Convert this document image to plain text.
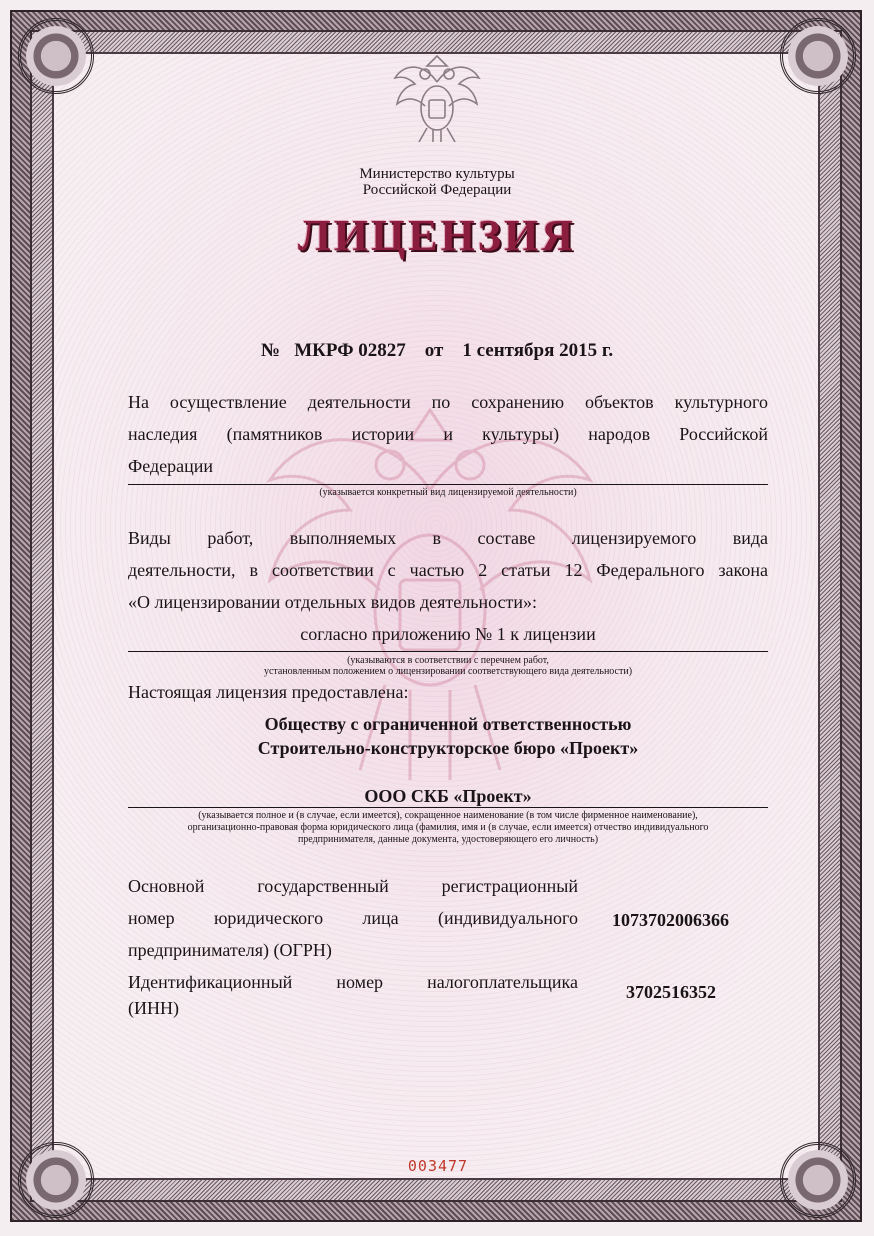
Министерство культуры

Российской Федерации

ЛИЦЕНЗИЯ

№ МКРФ 02827 от 1 сентября 2015 г.

На осуществление деятельности по сохранению объектов культурного

наследия (памятников истории и культуры) народов Российской

Федерации

(указывается конкретный вид лицензируемой деятельности)

Виды работ, выполняемых в составе лицензируемого вида

деятельности, в соответствии с частью 2 статьи 12 Федерального закона

«О лицензировании отдельных видов деятельности»:

согласно приложению № 1 к лицензии

(указываются в соответствии с перечнем работ,

установленным положением о лицензировании соответствующего вида деятельности)

Настоящая лицензия предоставлена:

Обществу с ограниченной ответственностью

Строительно-конструкторское бюро «Проект»

ООО СКБ «Проект»

(указывается полное и (в случае, если имеется), сокращенное наименование (в том числе фирменное наименование),

организационно-правовая форма юридического лица (фамилия, имя и (в случае, если имеется) отчество индивидуального

предпринимателя, данные документа, удостоверяющего его личность)

Основной государственный регистрационный

номер юридического лица (индивидуального

предпринимателя) (ОГРН)

1073702006366

Идентификационный номер налогоплательщика

(ИНН)

3702516352

003477
